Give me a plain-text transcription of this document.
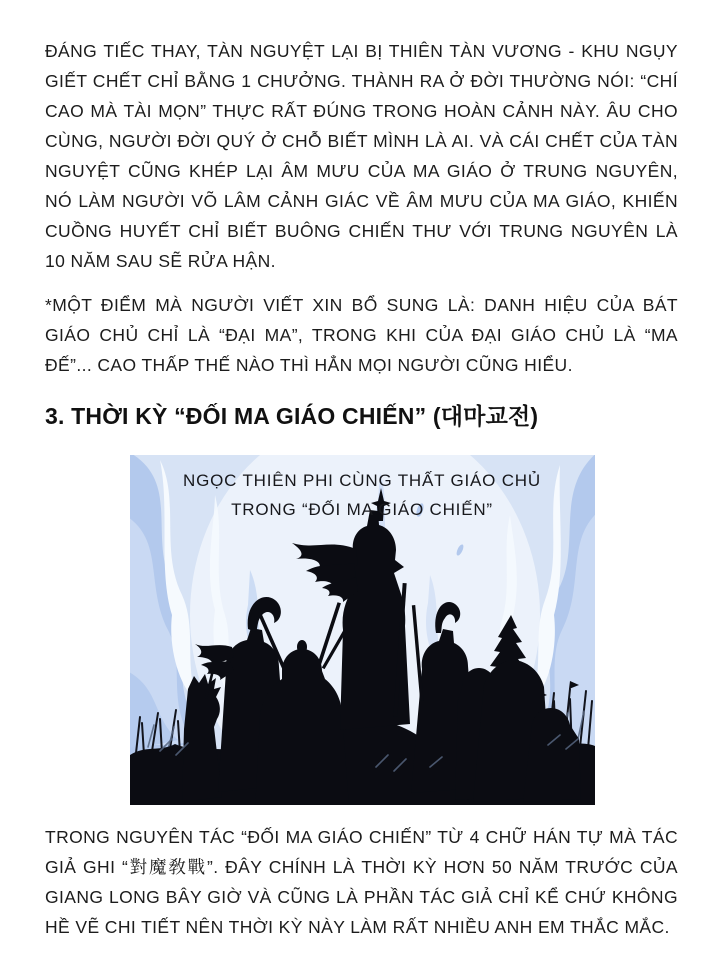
ĐÁNG TIẾC THAY, TÀN NGUYỆT LẠI BỊ THIÊN TÀN VƯƠNG - KHU NGỤY GIẾT CHẾT CHỈ BẰNG 1 CHƯỞNG. THÀNH RA Ở ĐỜI THƯỜNG NÓI: “CHÍ CAO MÀ TÀI MỌN” THỰC RẤT ĐÚNG TRONG HOÀN CẢNH NÀY. ÂU CHO CÙNG, NGƯỜI ĐỜI QUÝ Ở CHỖ BIẾT MÌNH LÀ AI. VÀ CÁI CHẾT CỦA TÀN NGUYỆT CŨNG KHÉP LẠI ÂM MƯU CỦA MA GIÁO Ở TRUNG NGUYÊN, NÓ LÀM NGƯỜI VÕ LÂM CẢNH GIÁC VỀ ÂM MƯU CỦA MA GIÁO, KHIẾN CUỒNG HUYẾT CHỈ BIẾT BUÔNG CHIẾN THƯ VỚI TRUNG NGUYÊN LÀ 10 NĂM SAU SẼ RỬA HẬN.

*MỘT ĐIỂM MÀ NGƯỜI VIẾT XIN BỔ SUNG LÀ: DANH HIỆU CỦA BÁT GIÁO CHỦ CHỈ LÀ “ĐẠI MA”, TRONG KHI CỦA ĐẠI GIÁO CHỦ LÀ “MA ĐẾ”... CAO THẤP THẾ NÀO THÌ HẲN MỌI NGƯỜI CŨNG HIỂU.

3. THỜI KỲ “ĐỐI MA GIÁO CHIẾN” (대마교전)
NGỌC THIÊN PHI CÙNG THẤT GIÁO CHỦ
TRONG “ĐỐI MA GIÁO CHIẾN”

TRONG NGUYÊN TÁC “ĐỐI MA GIÁO CHIẾN” TỪ 4 CHỮ HÁN TỰ MÀ TÁC GIẢ GHI “對魔敎戰”. ĐÂY CHÍNH LÀ THỜI KỲ HƠN 50 NĂM TRƯỚC CỦA GIANG LONG BÂY GIỜ VÀ CŨNG LÀ PHẦN TÁC GIẢ CHỈ KỂ CHỨ KHÔNG HỀ VẼ CHI TIẾT NÊN THỜI KỲ NÀY LÀM RẤT NHIỀU ANH EM THẮC MẮC.
